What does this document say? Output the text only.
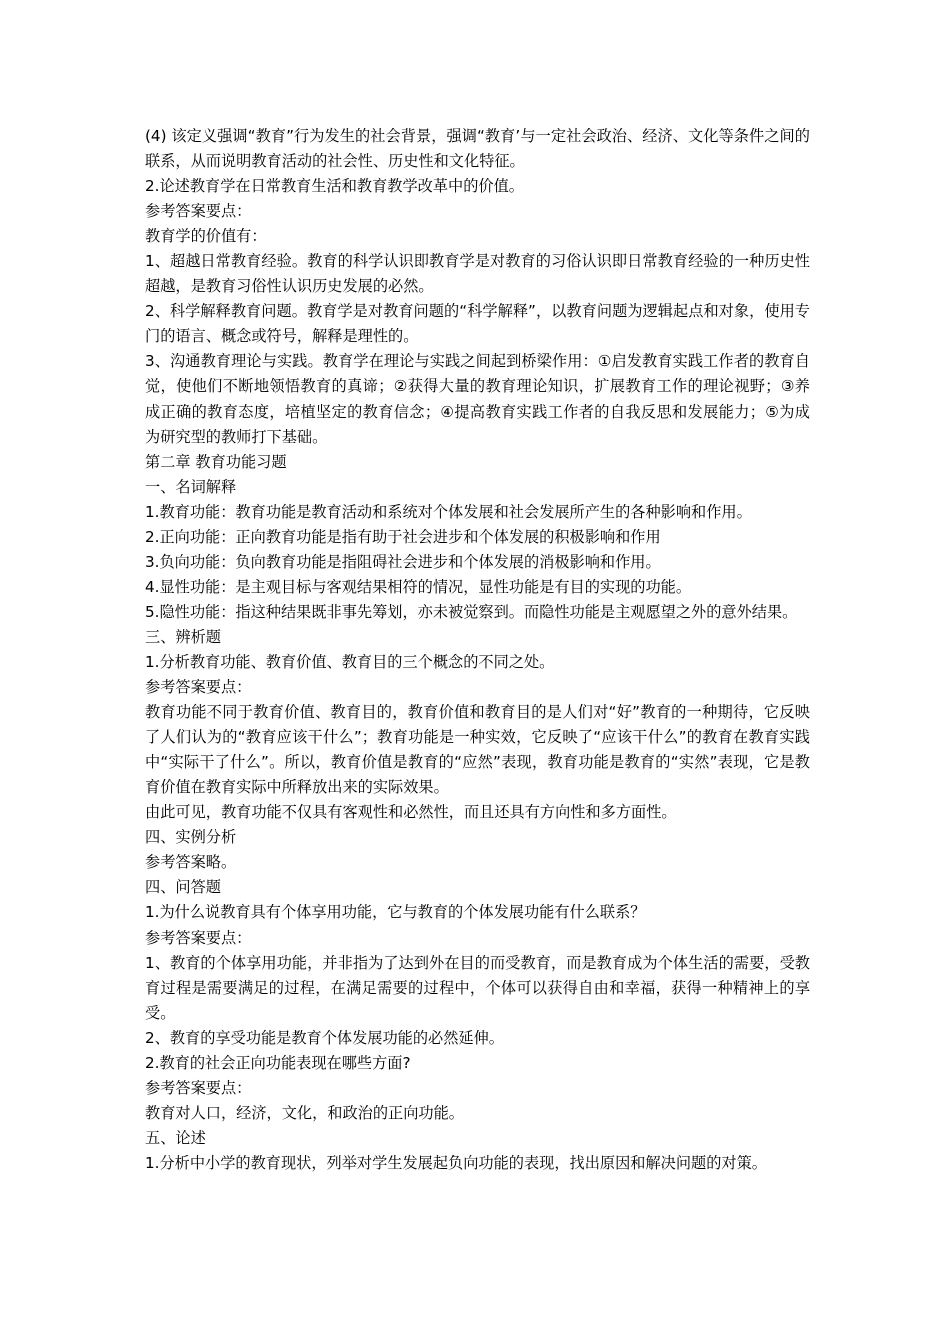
(4) 该定义强调“教育”行为发生的社会背景，强调“教育’与一定社会政治、经济、文化等条件之间的联系，从而说明教育活动的社会性、历史性和文化特征。

2.论述教育学在日常教育生活和教育教学改革中的价值。

参考答案要点：

教育学的价值有：

1、超越日常教育经验。教育的科学认识即教育学是对教育的习俗认识即日常教育经验的一种历史性超越，是教育习俗性认识历史发展的必然。

2、科学解释教育问题。教育学是对教育问题的“科学解释”，以教育问题为逻辑起点和对象，使用专门的语言、概念或符号，解释是理性的。

3、沟通教育理论与实践。教育学在理论与实践之间起到桥梁作用：①启发教育实践工作者的教育自觉，使他们不断地领悟教育的真谛；②获得大量的教育理论知识，扩展教育工作的理论视野；③养成正确的教育态度，培植坚定的教育信念；④提高教育实践工作者的自我反思和发展能力；⑤为成为研究型的教师打下基础。

第二章 教育功能习题

一、名词解释

1.教育功能：教育功能是教育活动和系统对个体发展和社会发展所产生的各种影响和作用。

2.正向功能：正向教育功能是指有助于社会进步和个体发展的积极影响和作用

3.负向功能：负向教育功能是指阻碍社会进步和个体发展的消极影响和作用。

4.显性功能：是主观目标与客观结果相符的情况，显性功能是有目的实现的功能。

5.隐性功能：指这种结果既非事先筹划，亦未被觉察到。而隐性功能是主观愿望之外的意外结果。

三、辨析题

1.分析教育功能、教育价值、教育目的三个概念的不同之处。

参考答案要点：

教育功能不同于教育价值、教育目的，教育价值和教育目的是人们对“好”教育的一种期待，它反映了人们认为的“教育应该干什么”；教育功能是一种实效，它反映了“应该干什么”的教育在教育实践中“实际干了什么”。所以，教育价值是教育的“应然”表现，教育功能是教育的“实然”表现，它是教育价值在教育实际中所释放出来的实际效果。

由此可见，教育功能不仅具有客观性和必然性，而且还具有方向性和多方面性。

四、实例分析

参考答案略。

四、问答题

1.为什么说教育具有个体享用功能，它与教育的个体发展功能有什么联系？

参考答案要点：

1、教育的个体享用功能，并非指为了达到外在目的而受教育，而是教育成为个体生活的需要，受教育过程是需要满足的过程，在满足需要的过程中，个体可以获得自由和幸福，获得一种精神上的享受。

2、教育的享受功能是教育个体发展功能的必然延伸。

2.教育的社会正向功能表现在哪些方面?

参考答案要点：

教育对人口，经济，文化，和政治的正向功能。

五、论述

1.分析中小学的教育现状，列举对学生发展起负向功能的表现，找出原因和解决问题的对策。
